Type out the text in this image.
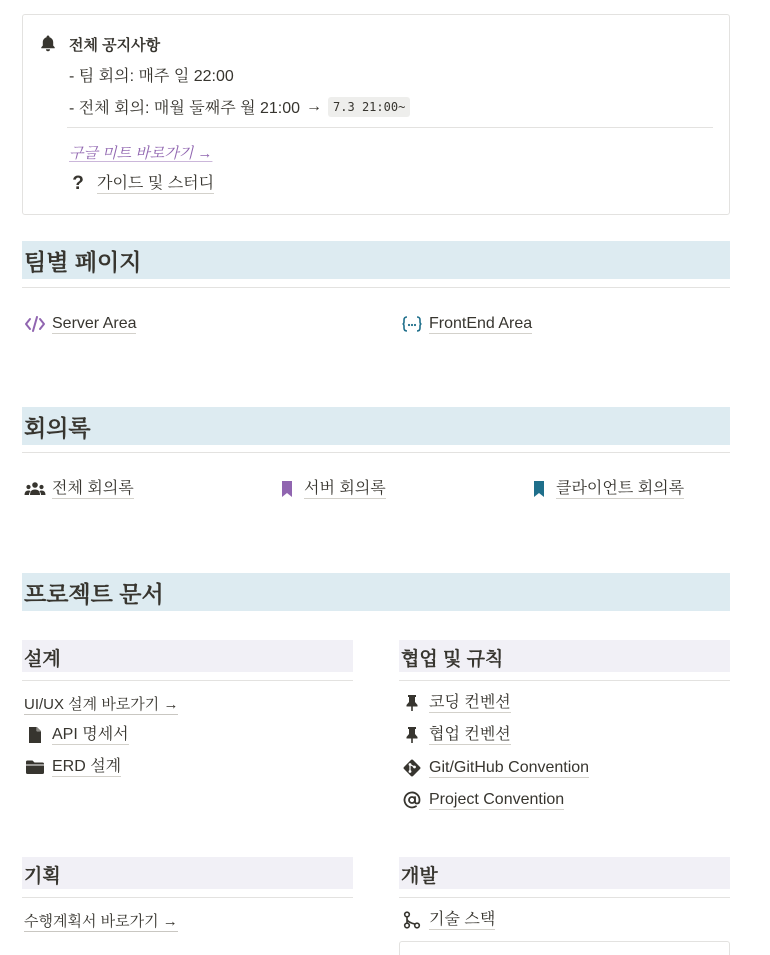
전체 공지사항
- 팀 회의: 매주 일 22:00
- 전체 회의: 매월 둘째주 월 21:00 → 7.3 21:00~
구글 미트 바로가기 →
? 가이드 및 스터디
팀별 페이지
Server Area	FrontEnd Area
회의록
전체 회의록	서버 회의록	클라이언트 회의록
프로젝트 문서
설계
UI/UX 설계 바로가기 →
API 명세서
ERD 설계
협업 및 규칙
코딩 컨벤션
협업 컨벤션
Git/GitHub Convention
Project Convention
기획
수행계획서 바로가기 →
개발
기술 스택
